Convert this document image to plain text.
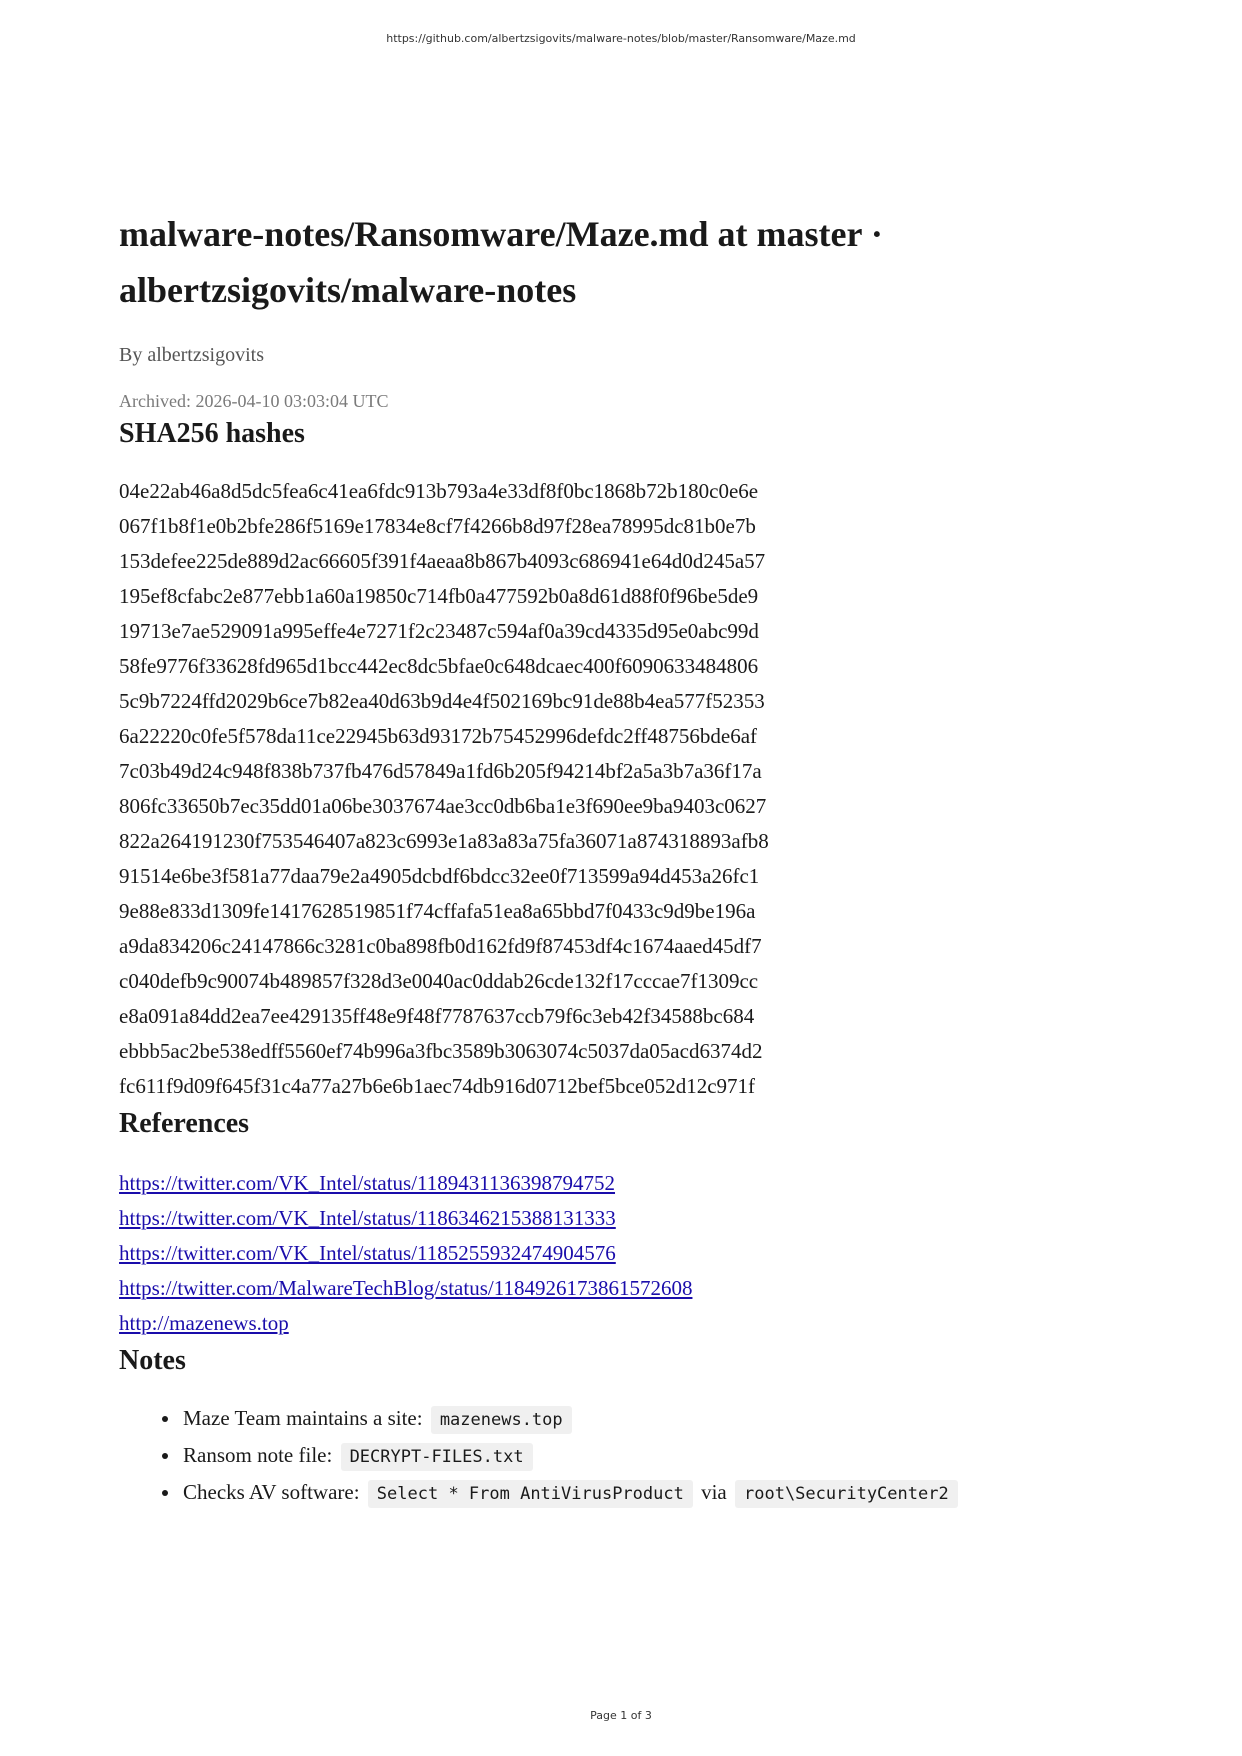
https://github.com/albertzsigovits/malware-notes/blob/master/Ransomware/Maze.md
malware-notes/Ransomware/Maze.md at master ·
albertzsigovits/malware-notes
By albertzsigovits
Archived: 2026-04-10 03:03:04 UTC
SHA256 hashes
04e22ab46a8d5dc5fea6c41ea6fdc913b793a4e33df8f0bc1868b72b180c0e6e
067f1b8f1e0b2bfe286f5169e17834e8cf7f4266b8d97f28ea78995dc81b0e7b
153defee225de889d2ac66605f391f4aeaa8b867b4093c686941e64d0d245a57
195ef8cfabc2e877ebb1a60a19850c714fb0a477592b0a8d61d88f0f96be5de9
19713e7ae529091a995effe4e7271f2c23487c594af0a39cd4335d95e0abc99d
58fe9776f33628fd965d1bcc442ec8dc5bfae0c648dcaec400f6090633484806
5c9b7224ffd2029b6ce7b82ea40d63b9d4e4f502169bc91de88b4ea577f52353
6a22220c0fe5f578da11ce22945b63d93172b75452996defdc2ff48756bde6af
7c03b49d24c948f838b737fb476d57849a1fd6b205f94214bf2a5a3b7a36f17a
806fc33650b7ec35dd01a06be3037674ae3cc0db6ba1e3f690ee9ba9403c0627
822a264191230f753546407a823c6993e1a83a83a75fa36071a874318893afb8
91514e6be3f581a77daa79e2a4905dcbdf6bdcc32ee0f713599a94d453a26fc1
9e88e833d1309fe1417628519851f74cffafa51ea8a65bbd7f0433c9d9be196a
a9da834206c24147866c3281c0ba898fb0d162fd9f87453df4c1674aaed45df7
c040defb9c90074b489857f328d3e0040ac0ddab26cde132f17cccae7f1309cc
e8a091a84dd2ea7ee429135ff48e9f48f7787637ccb79f6c3eb42f34588bc684
ebbb5ac2be538edff5560ef74b996a3fbc3589b3063074c5037da05acd6374d2
fc611f9d09f645f31c4a77a27b6e6b1aec74db916d0712bef5bce052d12c971f
References
https://twitter.com/VK_Intel/status/1189431136398794752
https://twitter.com/VK_Intel/status/1186346215388131333
https://twitter.com/VK_Intel/status/1185255932474904576
https://twitter.com/MalwareTechBlog/status/1184926173861572608
http://mazenews.top
Notes
• Maze Team maintains a site: mazenews.top
• Ransom note file: DECRYPT-FILES.txt
• Checks AV software: Select * From AntiVirusProduct via root\SecurityCenter2
Page 1 of 3
